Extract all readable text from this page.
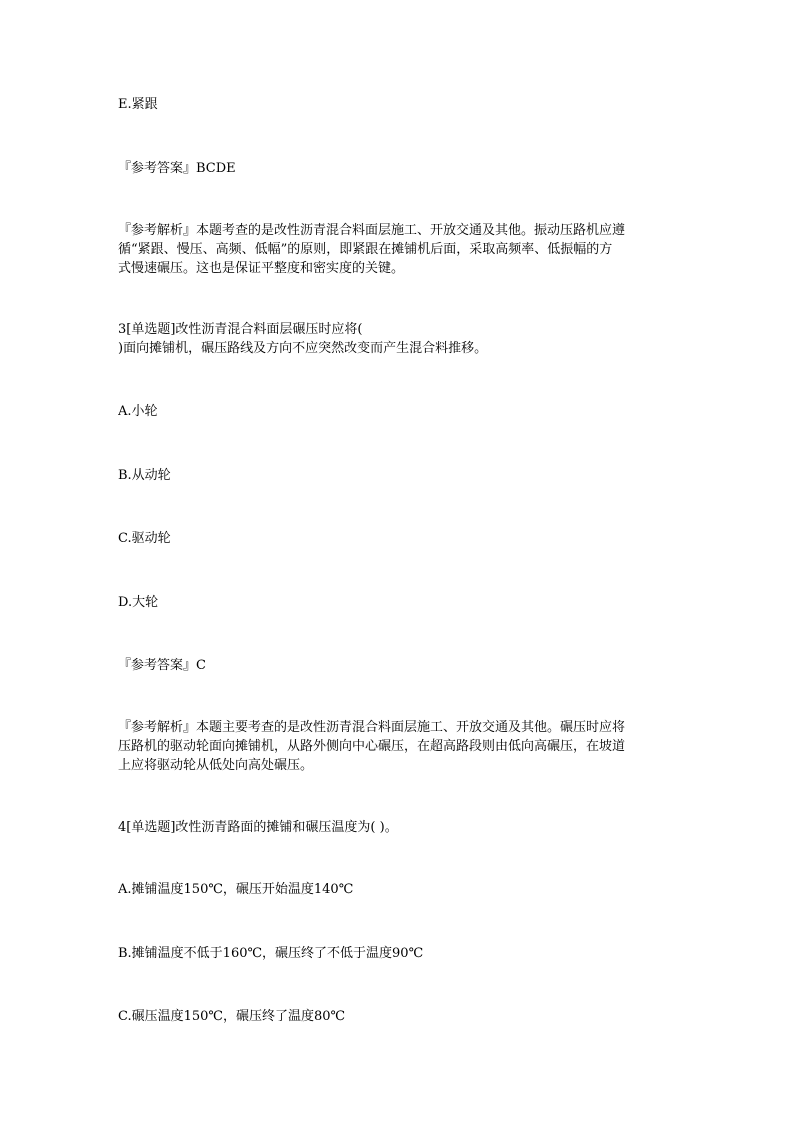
E.紧跟
『参考答案』BCDE
『参考解析』本题考查的是改性沥青混合料面层施工、开放交通及其他。振动压路机应遵
循“紧跟、慢压、高频、低幅”的原则，即紧跟在摊铺机后面，采取高频率、低振幅的方
式慢速碾压。这也是保证平整度和密实度的关键。
3[单选题]改性沥青混合料面层碾压时应将(
)面向摊铺机，碾压路线及方向不应突然改变而产生混合料推移。
A.小轮
B.从动轮
C.驱动轮
D.大轮
『参考答案』C
『参考解析』本题主要考查的是改性沥青混合料面层施工、开放交通及其他。碾压时应将
压路机的驱动轮面向摊铺机，从路外侧向中心碾压，在超高路段则由低向高碾压，在坡道
上应将驱动轮从低处向高处碾压。
4[单选题]改性沥青路面的摊铺和碾压温度为( )。
A.摊铺温度150℃，碾压开始温度140℃
B.摊铺温度不低于160℃，碾压终了不低于温度90℃
C.碾压温度150℃，碾压终了温度80℃
